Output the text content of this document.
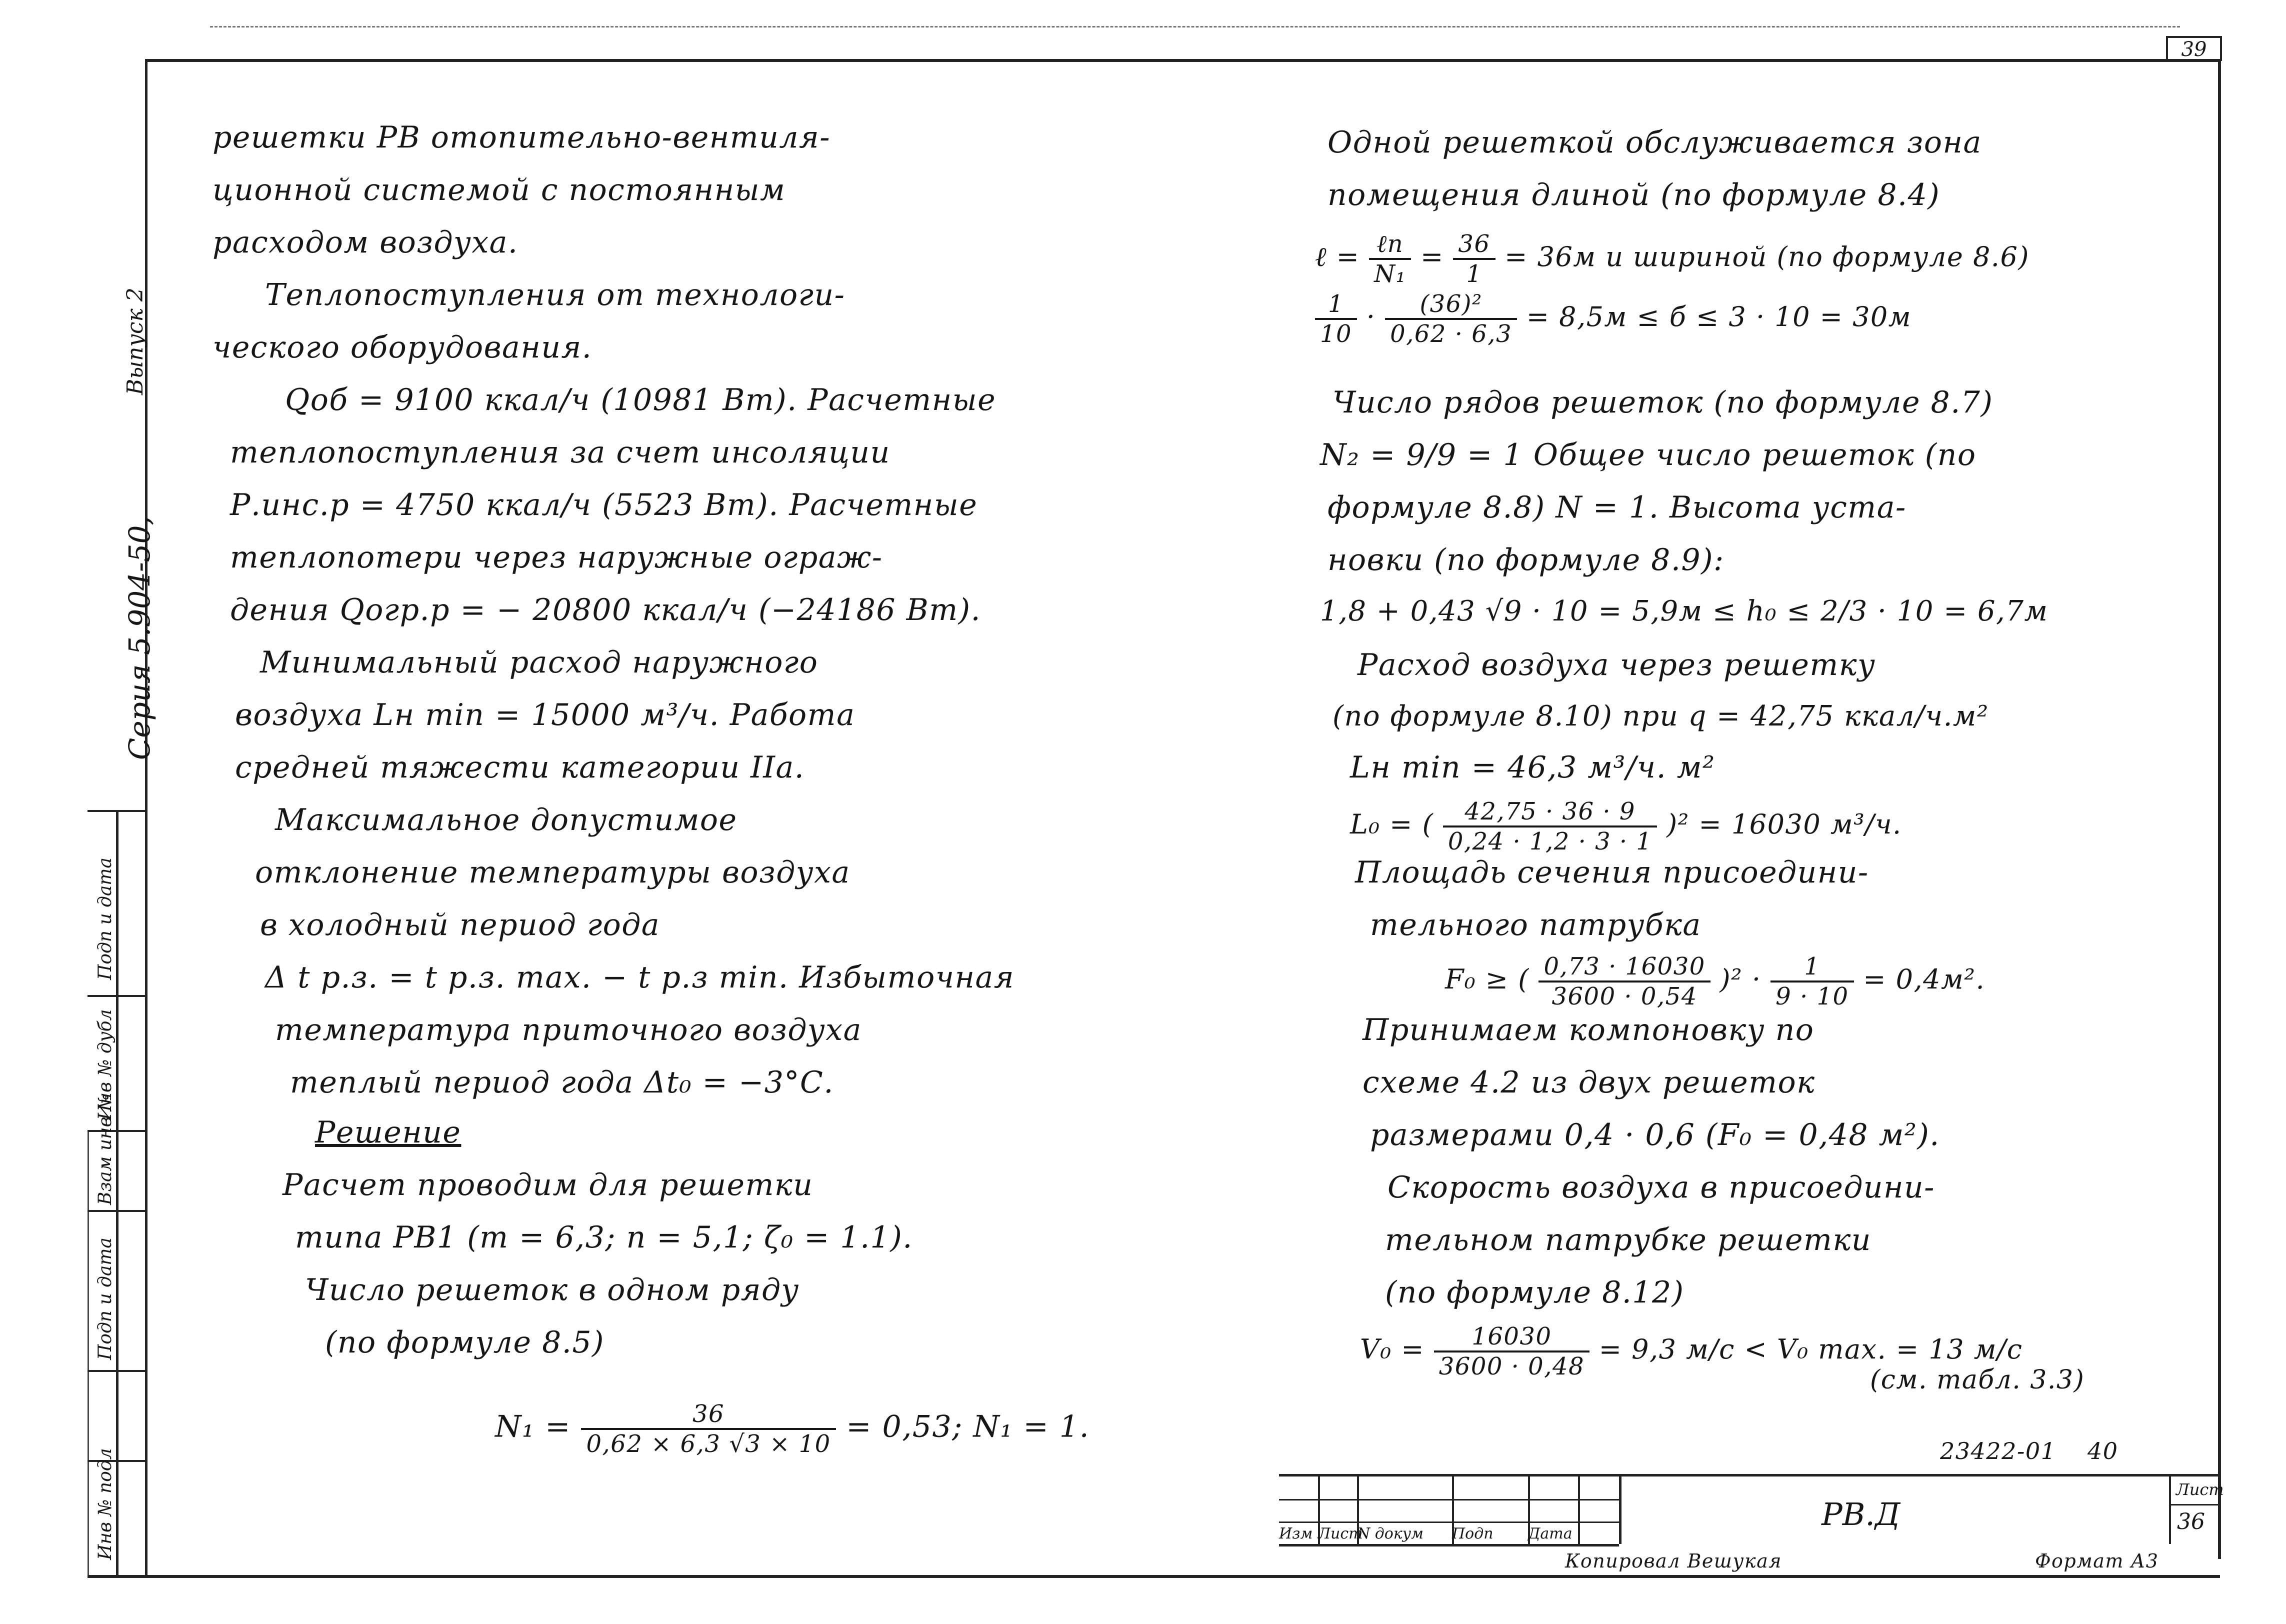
39
Серия 5.904-50,
Выпуск 2
Подп и дата
Инв № дубл
Взам инв №
Подп и дата
Инв № подл
решетки РВ отопительно-вентиля-
ционной системой с постоянным
расходом воздуха.
Теплопоступления от технологи-
ческого оборудования.
Qоб = 9100 ккал/ч (10981 Вт). Расчетные
теплопоступления за счет инсоляции
Р.инс.р = 4750 ккал/ч (5523 Вт). Расчетные
теплопотери через наружные ограж-
дения Qогр.р = − 20800 ккал/ч (−24186 Вт).
Минимальный расход наружного
воздуха Lн min = 15000 м³/ч. Работа
средней тяжести категории IIа.
Максимальное допустимое
отклонение температуры воздуха
в холодный период года
Δ t р.з. = t р.з. max. − t р.з min. Избыточная
температура приточного воздуха
теплый период года Δt₀ = −3°С.
Решение
Расчет проводим для решетки
типа РВ1 (m = 6,3; n = 5,1; ζ₀ = 1.1).
Число решеток в одном ряду
(по формуле 8.5)
$N_1 = \frac{36}{0,62 \times 6,3 √3 \times 10} = 0,53$; N₁ = 1.
Одной решеткой обслуживается зона
помещения длиной (по формуле 8.4)
ℓ = $\frac{\text{ℓп}}{\text{N₁}} = \frac{36}{1} = 36м$ и шириной (по формуле 8.6)
$\frac{1}{10} \cdot \frac{\text{(36)²}}{0,62 \cdot 6,3} = 8,5м \le б \le 3 \cdot 10 = 30м$
Число рядов решеток (по формуле 8.7)
N₂ = 9/9 = 1 Общее число решеток (по
формуле 8.8) N = 1. Высота уста-
новки (по формуле 8.9):
1,8 + 0,43 √9 · 10 = 5,9м ≤ h₀ ≤ 2/3 · 10 = 6,7м
Расход воздуха через решетку
(по формуле 8.10) при q = 42,75 ккал/ч.м²
Lн min = 46,3 м³/ч. м²
L₀ = ( $\frac{42,75 \cdot 36 \cdot 9}{0,24 \cdot 1,2 \cdot 3 \cdot 1} )^2 = 16030$ м³/ч.
Площадь сечения присоедини-
тельного патрубка
F₀ ≥ ( $\frac{0,73 \cdot 16030}{3600 \cdot 0,54} )^2 \cdot \frac{1}{9 \cdot 10} = 0,4м^2$.
Принимаем компоновку по
схеме 4.2 из двух решеток
размерами 0,4 · 0,6 (F₀ = 0,48 м²).
Скорость воздуха в присоедини-
тельном патрубке решетки
(по формуле 8.12)
$V_0 = \frac{16030}{3600 \cdot 0,48} = 9,3$ м/с < V₀ max. = 13 м/с
(см. табл. 3.3)
23422-01 40
Изм ЛистN докум Подп Дата
РВ.Д
Лист
36
Копировал Вешукая	Формат А3
